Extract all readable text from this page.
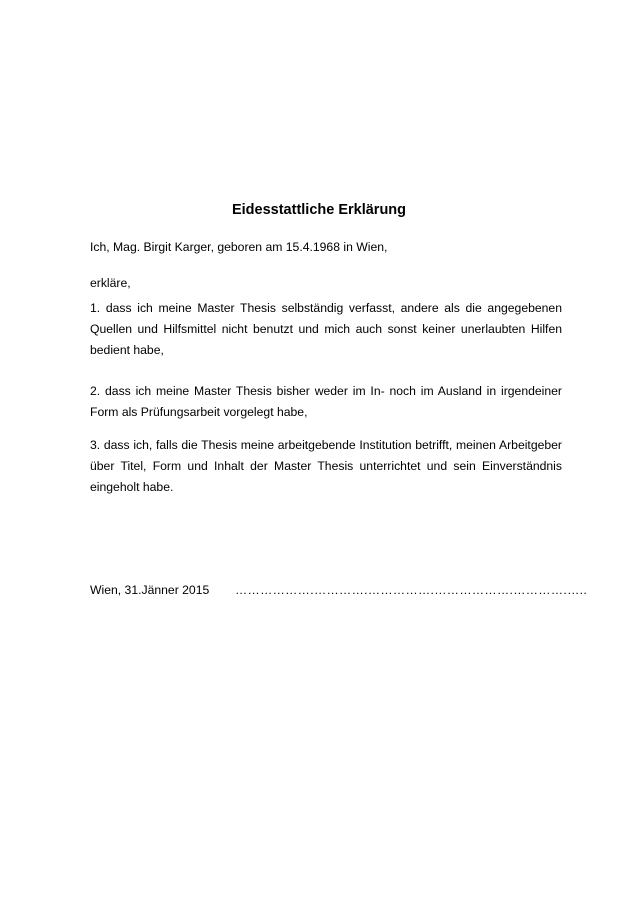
Eidesstattliche Erklärung

Ich, Mag. Birgit Karger, geboren am 15.4.1968 in Wien,

erkläre,

1. dass ich meine Master Thesis selbständig verfasst, andere als die angegebenen Quellen und Hilfsmittel nicht benutzt und mich auch sonst keiner unerlaubten Hilfen bedient habe,

2. dass ich meine Master Thesis bisher weder im In- noch im Ausland in irgendeiner Form als Prüfungsarbeit vorgelegt habe,

3. dass ich, falls die Thesis meine arbeitgebende Institution betrifft, meinen Arbeitgeber über Titel, Form und Inhalt der Master Thesis unterrichtet und sein Einverständnis eingeholt habe.

Wien, 31.Jänner 2015 ……………….………….…………….……………….………….…..
